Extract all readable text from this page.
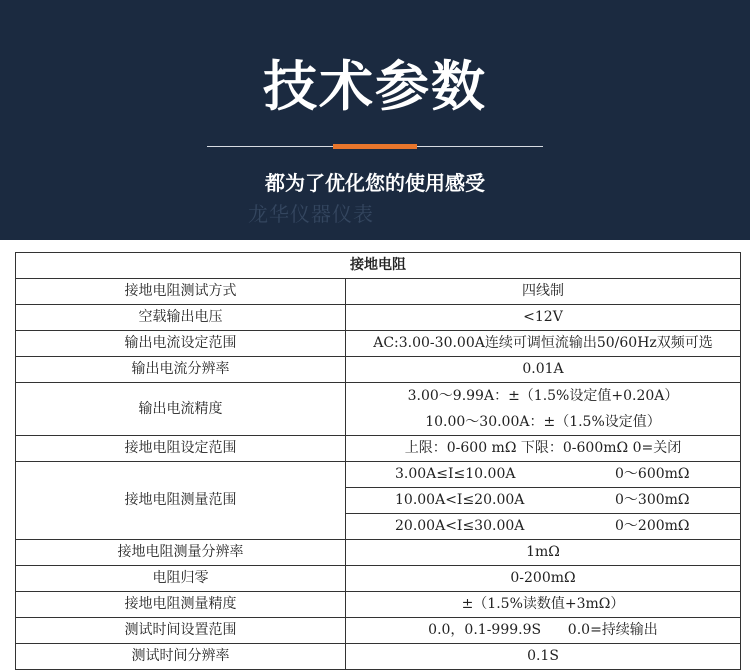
技术参数
都为了优化您的使用感受
龙华仪器仪表
接地电阻	
接地电阻测试方式	四线制
空载输出电压	<12V
输出电流设定范围	AC:3.00-30.00A连续可调恒流输出50/60Hz双频可选
输出电流分辨率	0.01A
输出电流精度	3.00～9.99A：±（1.5%设定值+0.20A）
10.00～30.00A：±（1.5%设定值）

接地电阻设定范围	上限：0-600 mΩ 下限：0-600mΩ 0=关闭
接地电阻测量范围	3.00A≤I≤10.00A 0～600mΩ

	10.00A<I≤20.00A 0～300mΩ

	20.00A<I≤30.00A 0～200mΩ

接地电阻测量分辨率	1mΩ
电阻归零	0-200mΩ
接地电阻测量精度	±（1.5%读数值+3mΩ）
测试时间设置范围	0.0，0.1-999.9S      0.0=持续输出
测试时间分辨率	0.1S
